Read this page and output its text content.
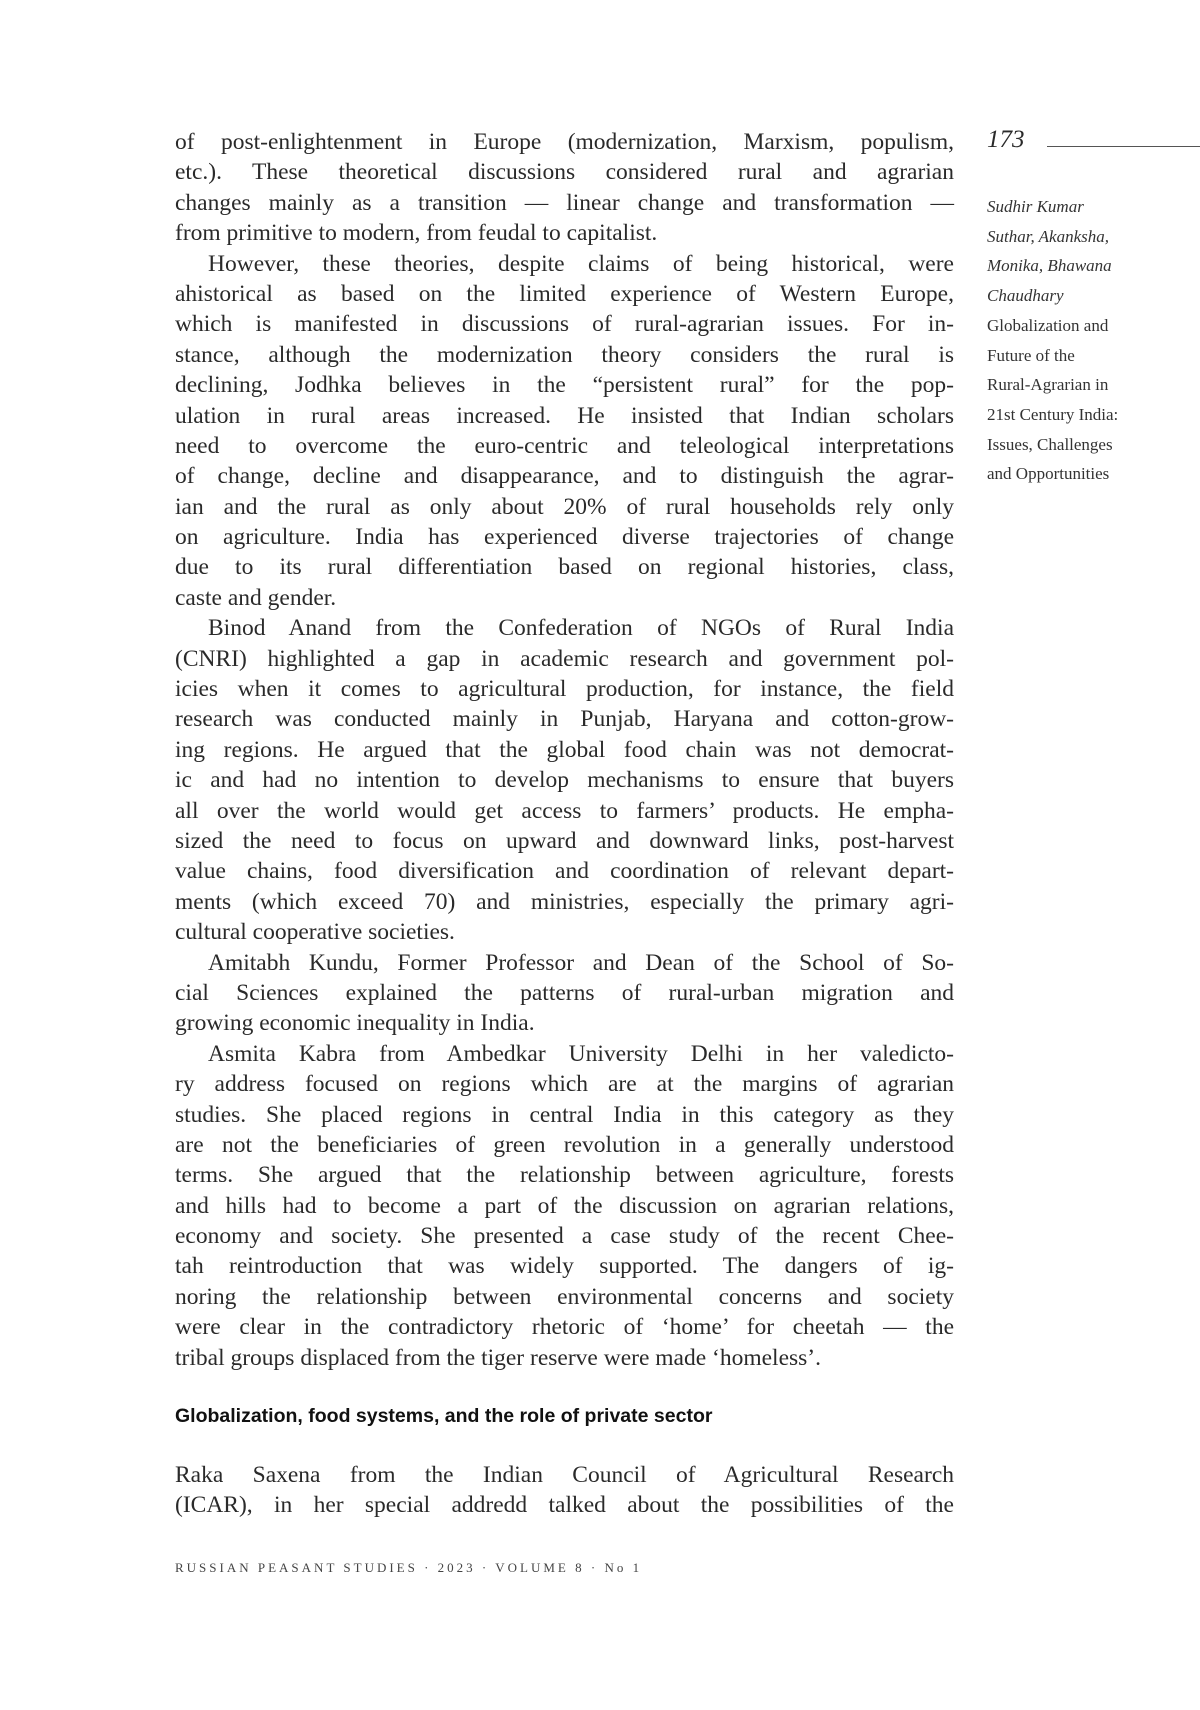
173
Sudhir Kumar
Suthar, Akanksha,
Monika, Bhawana
Chaudhary
Globalization and
Future of the
Rural-Agrarian in
21st Century India:
Issues, Challenges
and Opportunities
of post-enlightenment in Europe (modernization, Marxism, populism,
etc.). These theoretical discussions considered rural and agrarian
changes mainly as a transition — linear change and transformation —
from primitive to modern, from feudal to capitalist.
However, these theories, despite claims of being historical, were
ahistorical as based on the limited experience of Western Europe,
which is manifested in discussions of rural-agrarian issues. For in-
stance, although the modernization theory considers the rural is
declining, Jodhka believes in the “persistent rural” for the pop-
ulation in rural areas increased. He insisted that Indian scholars
need to overcome the euro-centric and teleological interpretations
of change, decline and disappearance, and to distinguish the agrar-
ian and the rural as only about 20% of rural households rely only
on agriculture. India has experienced diverse trajectories of change
due to its rural differentiation based on regional histories, class,
caste and gender.
Binod Anand from the Confederation of NGOs of Rural India
(CNRI) highlighted a gap in academic research and government pol-
icies when it comes to agricultural production, for instance, the field
research was conducted mainly in Punjab, Haryana and cotton-grow-
ing regions. He argued that the global food chain was not democrat-
ic and had no intention to develop mechanisms to ensure that buyers
all over the world would get access to farmers’ products. He empha-
sized the need to focus on upward and downward links, post-harvest
value chains, food diversification and coordination of relevant depart-
ments (which exceed 70) and ministries, especially the primary agri-
cultural cooperative societies.
Amitabh Kundu, Former Professor and Dean of the School of So-
cial Sciences explained the patterns of rural-urban migration and
growing economic inequality in India.
Asmita Kabra from Ambedkar University Delhi in her valedicto-
ry address focused on regions which are at the margins of agrarian
studies. She placed regions in central India in this category as they
are not the beneficiaries of green revolution in a generally understood
terms. She argued that the relationship between agriculture, forests
and hills had to become a part of the discussion on agrarian relations,
economy and society. She presented a case study of the recent Chee-
tah reintroduction that was widely supported. The dangers of ig-
noring the relationship between environmental concerns and society
were clear in the contradictory rhetoric of ‘home’ for cheetah — the
tribal groups displaced from the tiger reserve were made ‘homeless’.
Globalization, food systems, and the role of private sector
Raka Saxena from the Indian Council of Agricultural Research
(ICAR), in her special addredd talked about the possibilities of the
RUSSIAN PEASANT STUDIES · 2023 · VOLUME 8 · No 1
